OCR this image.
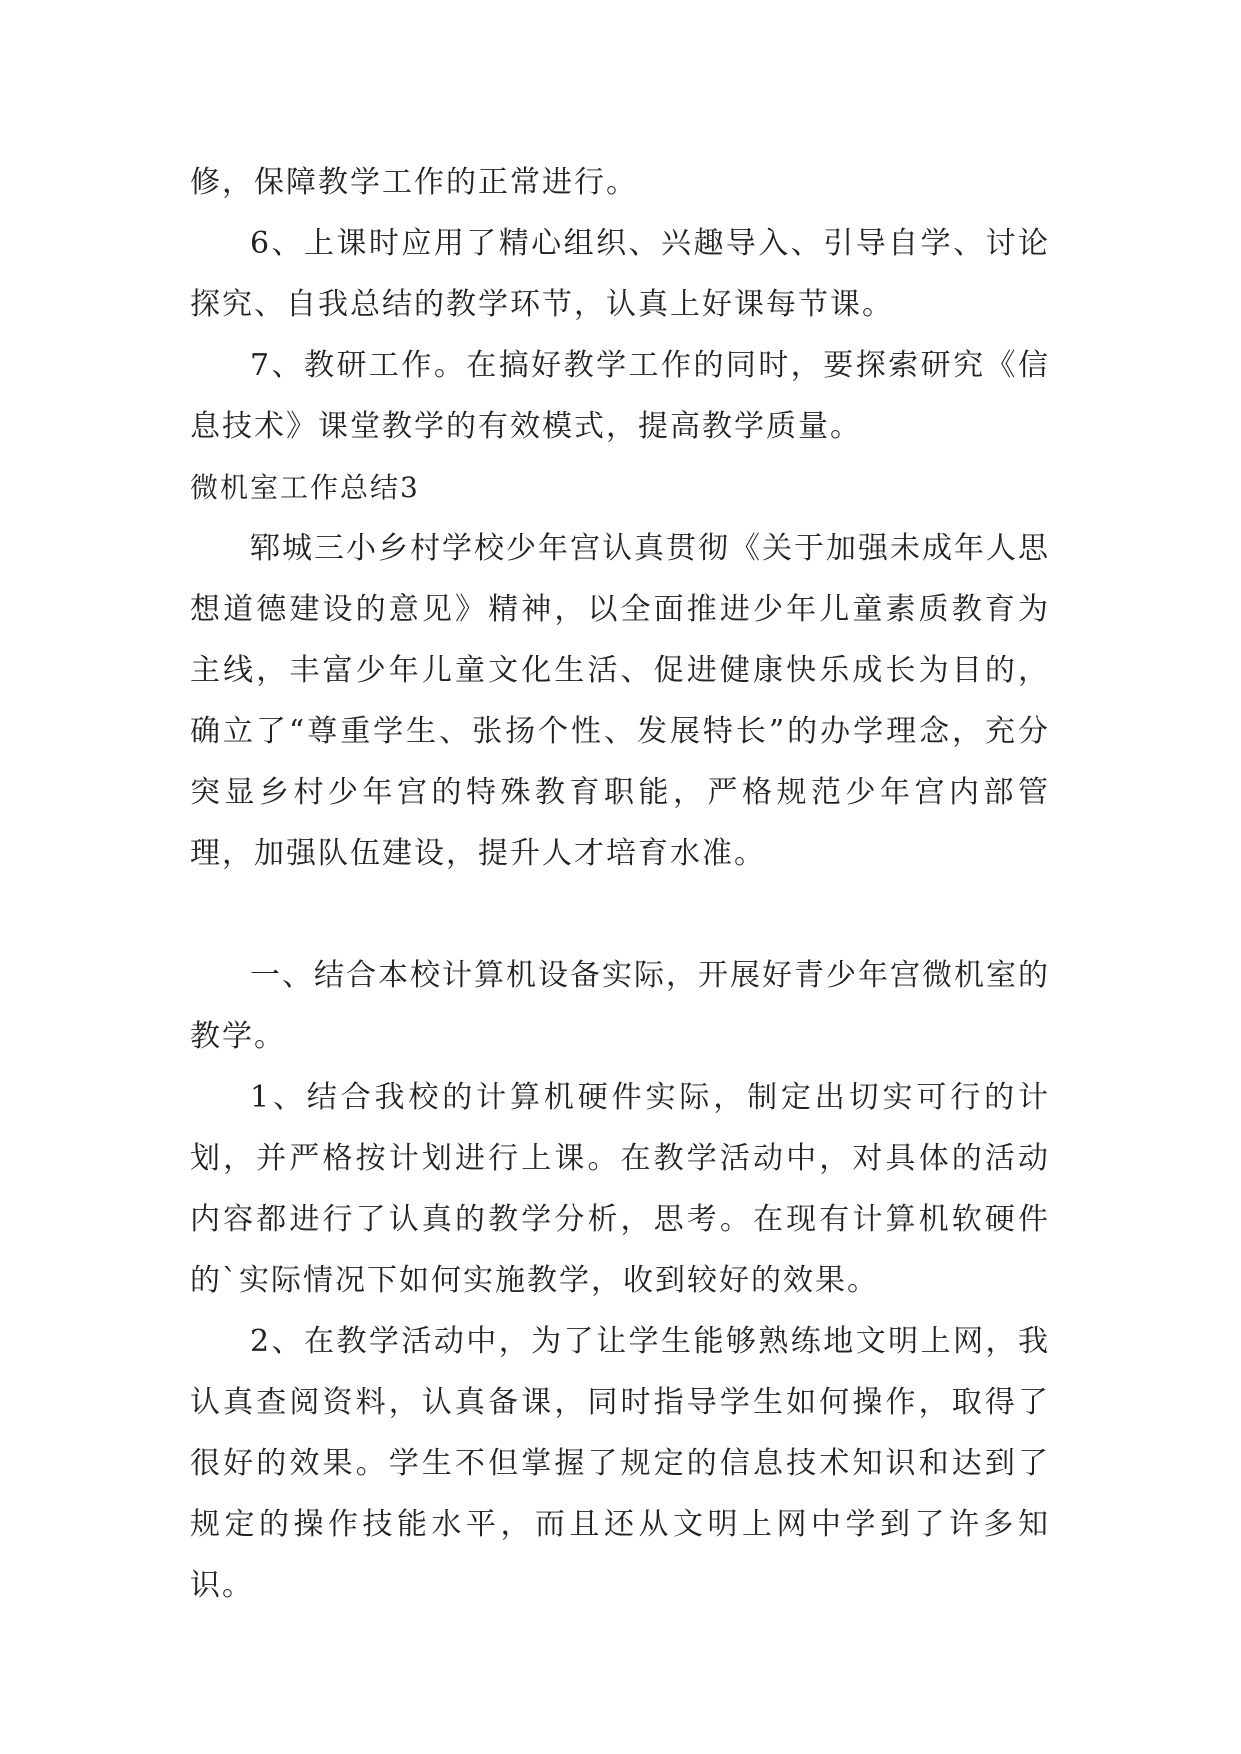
修，保障教学工作的正常进行。

6、上课时应用了精心组织、兴趣导入、引导自学、讨论探究、自我总结的教学环节，认真上好课每节课。

7、教研工作。在搞好教学工作的同时，要探索研究《信息技术》课堂教学的有效模式，提高教学质量。

微机室工作总结3

郓城三小乡村学校少年宫认真贯彻《关于加强未成年人思想道德建设的意见》精神，以全面推进少年儿童素质教育为主线，丰富少年儿童文化生活、促进健康快乐成长为目的，确立了“尊重学生、张扬个性、发展特长”的办学理念，充分突显乡村少年宫的特殊教育职能，严格规范少年宫内部管理，加强队伍建设，提升人才培育水准。

一、结合本校计算机设备实际，开展好青少年宫微机室的教学。

1、结合我校的计算机硬件实际，制定出切实可行的计划，并严格按计划进行上课。在教学活动中，对具体的活动内容都进行了认真的教学分析，思考。在现有计算机软硬件的`实际情况下如何实施教学，收到较好的效果。

2、在教学活动中，为了让学生能够熟练地文明上网，我认真查阅资料，认真备课，同时指导学生如何操作，取得了很好的效果。学生不但掌握了规定的信息技术知识和达到了规定的操作技能水平，而且还从文明上网中学到了许多知识。
